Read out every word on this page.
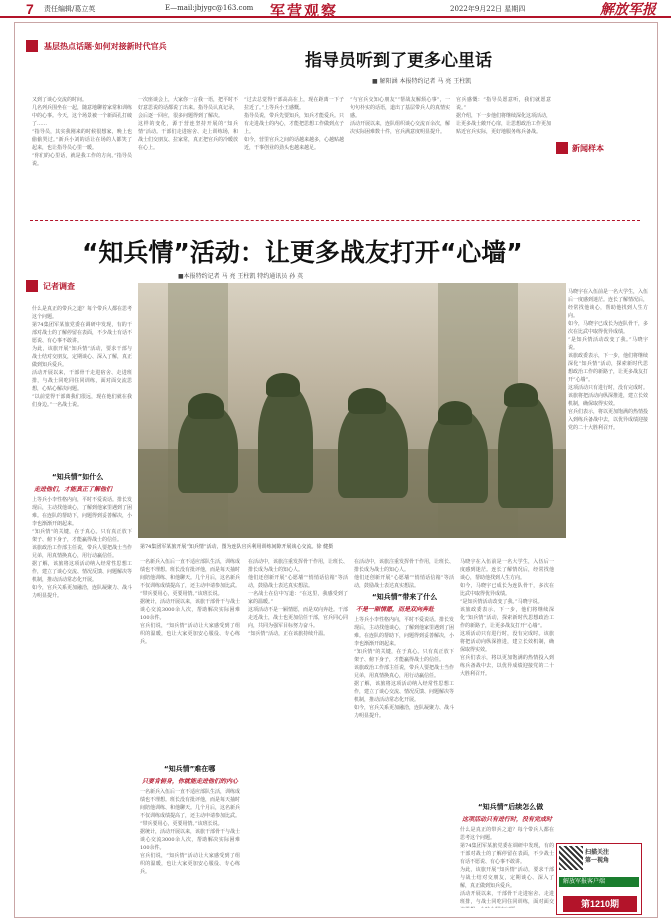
7 责任编辑/葛立英	E—mail:jbjygc@163.com 军营观察	2022年9月22日 星期四	解放军报
基层热点话题·如何对接新时代官兵
指导员听到了更多心里话
■ 解阳涵 本报特约记者 马 亮 王柱凯
又到了谈心交流的时间。
几名列兵围坐在一起，随意地聊着家常和训练中的心事。今天，这个场景被一个新面孔打破了……
“指导员，其实我刚来的时候很想家，晚上也偷偷哭过。”新兵小刘的话让在场的人都笑了起来，也让指导员心里一暖。
“你们的心里话，就是我工作的方向。”指导员说。
一次座谈会上，大家你一言我一语，把平时不好意思说的话都说了出来。指导员认真记录，会后逐一回应，很多问题得到了解决。
这样的变化，源于营连坚持开展的“知兵情”活动。干部们走进宿舍、走上训练场，和战士们交朋友、拉家常，真正把官兵的冷暖放在心上。
“过去总觉得干部高高在上，现在距离一下子拉近了。”上等兵小王感慨。
指导员说，带兵先要知兵，知兵才能爱兵。只有走进战士的内心，才能把思想工作做到点子上。
如今，营里官兵之间的话越来越多，心越贴越近，干事创业的劲头也越来越足。
“与官兵交知心朋友”“帮战友解烦心事”，一句句朴实的话语，道出了基层带兵人的真情实感。
活动开展以来，连队组织谈心交流百余次，解决实际困难数十件，官兵满意度明显提升。
官兵感慨：“指导员愿意听，我们就愿意说。”
据介绍，下一步他们将继续深化这项活动，让更多战士敞开心扉，让思想政治工作更加贴近官兵实际，更好地服务练兵备战。
新闻样本
“知兵情”活动：让更多战友打开“心墙”
■本报特约记者 马 亮 王柱凯 特约通讯员 孙 英
记者调查
第74集团军某旅开展“知兵情”活动，图为连队官兵利用训练间隙开展谈心交流。徐 健摄
什么是真正的带兵之道？每个带兵人都在思考这个问题。
第74集团军某旅党委在调研中发现，有的干部对战士的了解停留在表面，不少战士有话不愿说、有心事不敢讲。
为此，该旅开展“知兵情”活动，要求干部与战士结对交朋友，定期谈心、深入了解，真正做到知兵爱兵。
活动开展以来，干部骨干走进宿舍、走进班排，与战士同吃同住同训练，面对面交流思想，心贴心解决问题。
“以前觉得干部离我们很远，现在他们就在我们身边。”一名战士说。
“知兵情”如什么
走进他们，才能真正了解他们
上等兵小李性格内向，平时不爱说话。排长发现后，主动找他谈心，了解到他家里遇到了困难。在连队的帮助下，问题得到妥善解决，小李也渐渐开朗起来。
“知兵情”的关键，在于真心。只有真正放下架子、俯下身子，才能赢得战士的信任。
该旅政治工作部主任说，带兵人要把战士当作兄弟，用真情换真心，用行动赢信任。
据了解，该旅将这项活动纳入经常性思想工作，建立了谈心交流、情况反馈、问题解决等机制，推动活动常态化开展。
如今，官兵关系更加融洽，连队凝聚力、战斗力明显提升。
一名新兵入伍后一直不适应部队生活，训练成绩也不理想。班长没有批评他，而是每天抽时间陪他训练、和他聊天。几个月后，这名新兵不仅训练成绩提高了，还主动申请参加比武。
“带兵要用心，更要用情。”该班长说。
据统计，活动开展以来，该旅干部骨干与战士谈心交流3000余人次，帮助解决实际困难100余件。
官兵们说，“知兵情”活动让大家感受到了组织的温暖，也让大家更加安心服役、专心练兵。
“知兵情”难在哪
只要肯俯身，你就能走进他们的内心
一名新兵入伍后一直不适应部队生活，训练成绩也不理想。班长没有批评他，而是每天抽时间陪他训练、和他聊天。几个月后，这名新兵不仅训练成绩提高了，还主动申请参加比武。
“带兵要用心，更要用情。”该班长说。
据统计，活动开展以来，该旅干部骨干与战士谈心交流3000余人次，帮助解决实际困难100余件。
官兵们说，“知兵情”活动让大家感受到了组织的温暖，也让大家更加安心服役、专心练兵。
在活动中，该旅注重发挥骨干作用，让班长、排长成为战士的知心人。
他们还创新开展“心愿墙”“悄悄话信箱”等活动，鼓励战士表达真实想法。
一名战士在信中写道：“在这里，我感受到了家的温暖。”
这项活动不是一厢情愿，而是双向奔赴。干部走近战士，战士也更加信任干部，官兵同心同向，共同为强军目标努力奋斗。
“知兵情”活动，正在该旅持续升温。
“知兵情”带来了什么
不是一厢情愿，而是双向奔赴
在活动中，该旅注重发挥骨干作用，让班长、排长成为战士的知心人。
他们还创新开展“心愿墙”“悄悄话信箱”等活动，鼓励战士表达真实想法。

上等兵小李性格内向，平时不爱说话。排长发现后，主动找他谈心，了解到他家里遇到了困难。在连队的帮助下，问题得到妥善解决，小李也渐渐开朗起来。
“知兵情”的关键，在于真心。只有真正放下架子、俯下身子，才能赢得战士的信任。
该旅政治工作部主任说，带兵人要把战士当作兄弟，用真情换真心，用行动赢信任。
据了解，该旅将这项活动纳入经常性思想工作，建立了谈心交流、情况反馈、问题解决等机制，推动活动常态化开展。
如今，官兵关系更加融洽，连队凝聚力、战斗力明显提升。
马晓宇在入伍前是一名大学生，入伍后一度感到迷茫。连长了解情况后，经常找他谈心，帮助他找到人生方向。
如今，马晓宇已成长为连队骨干，多次在比武中取得优异成绩。
“是知兵情活动改变了我。”马晓宇说。
该旅政委表示，下一步，他们将继续深化“知兵情”活动，探索新时代思想政治工作的新路子，让更多战友打开“心墙”。
这项活动只有进行时，没有完成时。该旅将把活动向纵深推进，建立长效机制，确保取得实效。
官兵们表示，将以更加饱满的热情投入到练兵备战中去，以优异成绩迎接党的二十大胜利召开。
“知兵情”后续怎么做
这项活动只有进行时，没有完成时
什么是真正的带兵之道？每个带兵人都在思考这个问题。
第74集团军某旅党委在调研中发现，有的干部对战士的了解停留在表面，不少战士有话不愿说、有心事不敢讲。
为此，该旅开展“知兵情”活动，要求干部与战士结对交朋友，定期谈心、深入了解，真正做到知兵爱兵。
活动开展以来，干部骨干走进宿舍、走进班排，与战士同吃同住同训练，面对面交

马晓宇在入伍前是一名大学生，入伍后一度感到迷茫。连长了解情况后，经常找他谈心，帮助他找到人生方向。
如今，马晓宇已成长为连队骨干，多次在比武中取得优异成绩。
“是知兵情活动改变了我。”马晓宇说。
该旅政委表示，下一步，他们将继续深化“知兵情”活动，探索新时代思想政治工作的新路子，让更多战友打开“心墙”。
这项活动只有进行时，没有完成时。该旅将把活动向纵深推进，建立长效机制，确保取得实效。
官兵们表示，将以更加饱满的热情投入到练兵备战中去，以优异成绩迎接党的二十大胜利召开。
扫描关注
第一视角
解放军报客户端
第1210期
